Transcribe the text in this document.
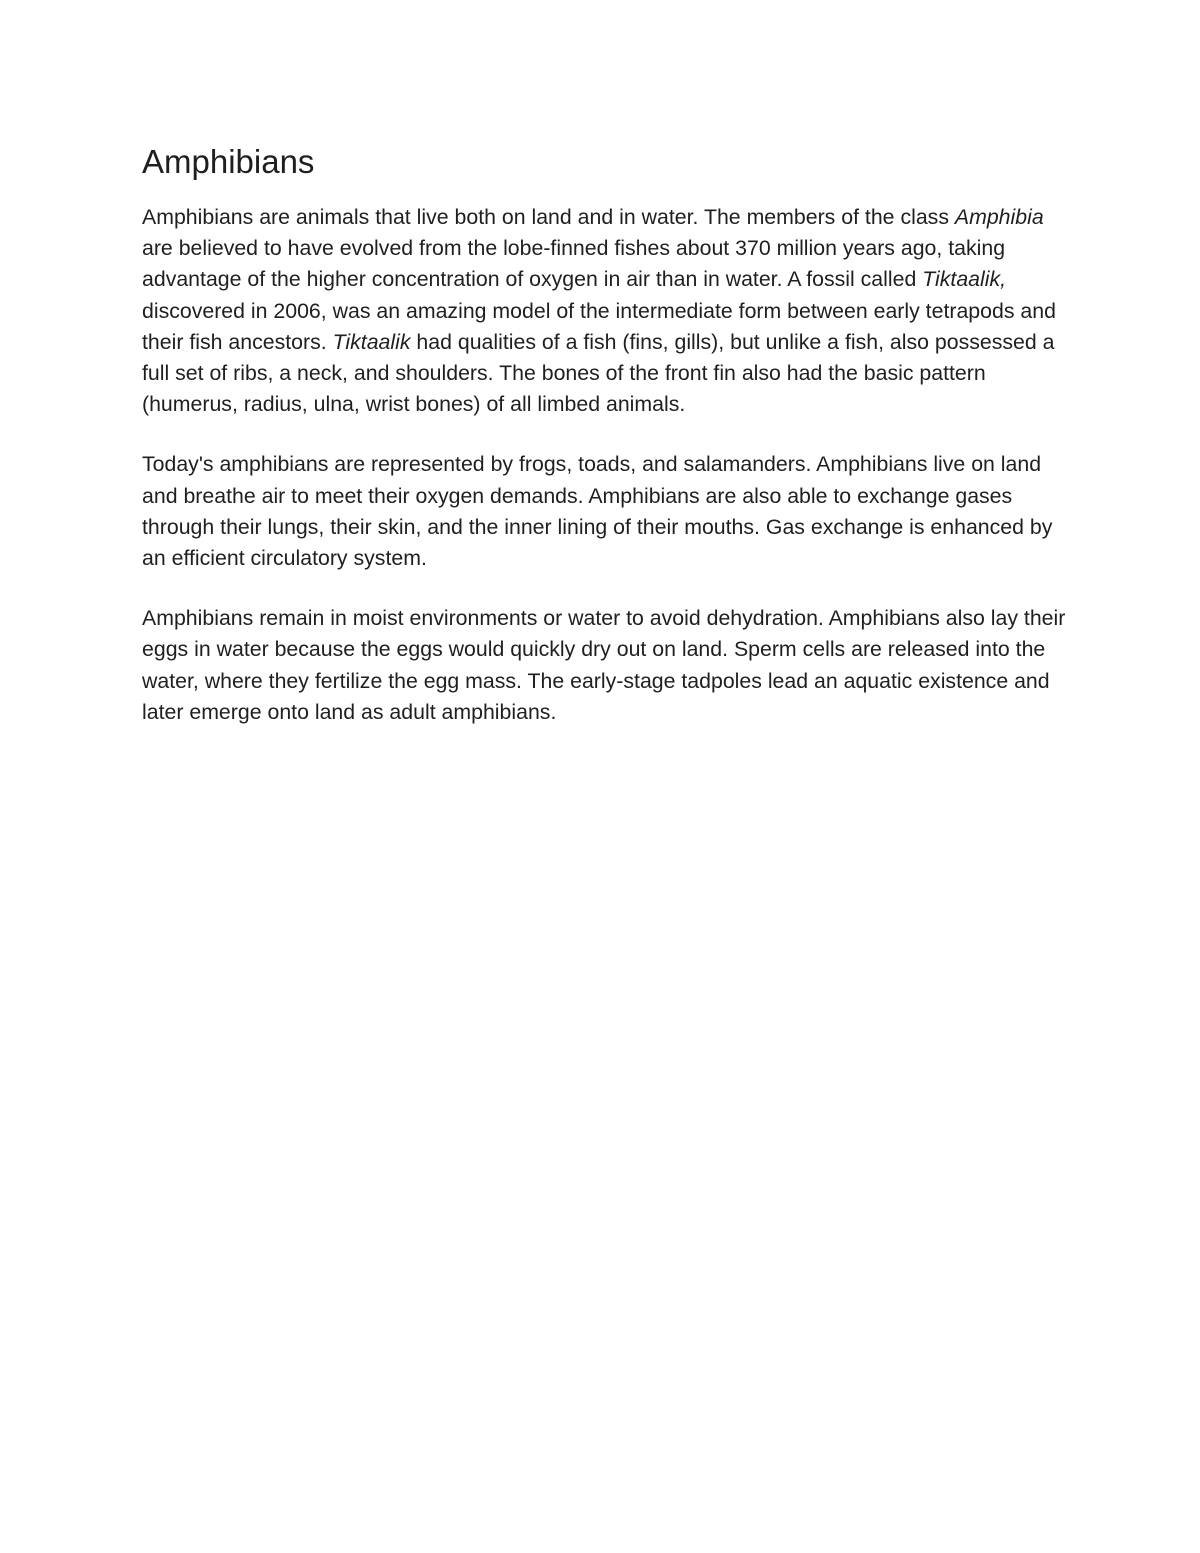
Amphibians

Amphibians are animals that live both on land and in water. The members of the class Amphibia are believed to have evolved from the lobe-finned fishes about 370 million years ago, taking advantage of the higher concentration of oxygen in air than in water. A fossil called Tiktaalik, discovered in 2006, was an amazing model of the intermediate form between early tetrapods and their fish ancestors. Tiktaalik had qualities of a fish (fins, gills), but unlike a fish, also possessed a full set of ribs, a neck, and shoulders. The bones of the front fin also had the basic pattern (humerus, radius, ulna, wrist bones) of all limbed animals.

Today's amphibians are represented by frogs, toads, and salamanders. Amphibians live on land and breathe air to meet their oxygen demands. Amphibians are also able to exchange gases through their lungs, their skin, and the inner lining of their mouths. Gas exchange is enhanced by an efficient circulatory system.

Amphibians remain in moist environments or water to avoid dehydration. Amphibians also lay their eggs in water because the eggs would quickly dry out on land. Sperm cells are released into the water, where they fertilize the egg mass. The early-stage tadpoles lead an aquatic existence and later emerge onto land as adult amphibians.
